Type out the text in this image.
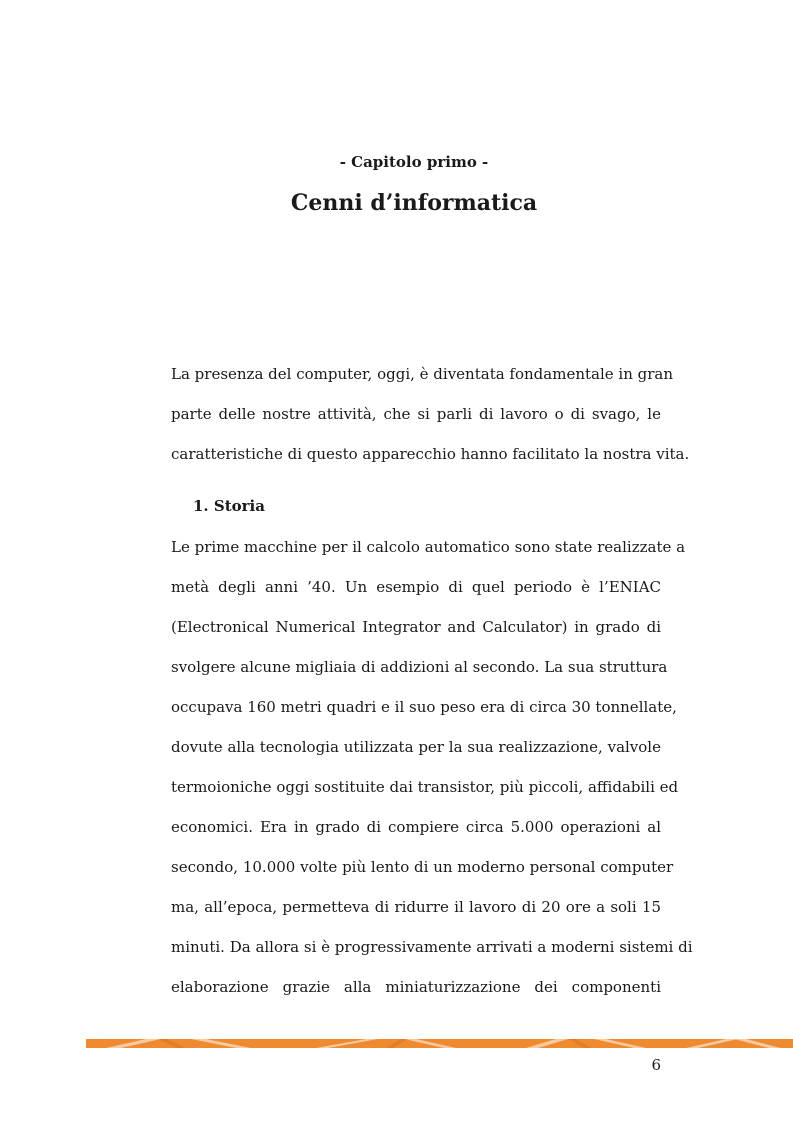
- Capitolo primo -
Cenni d’informatica

La presenza del computer, oggi, è diventata fondamentale in gran
parte delle nostre attività, che si parli di lavoro o di svago, le
caratteristiche di questo apparecchio hanno facilitato la nostra vita.

1. Storia

Le prime macchine per il calcolo automatico sono state realizzate a
metà degli anni ’40. Un esempio di quel periodo è l’ENIAC
(Electronical Numerical Integrator and Calculator) in grado di
svolgere alcune migliaia di addizioni al secondo. La sua struttura
occupava 160 metri quadri e il suo peso era di circa 30 tonnellate,
dovute alla tecnologia utilizzata per la sua realizzazione, valvole
termoioniche oggi sostituite dai transistor, più piccoli, affidabili ed
economici. Era in grado di compiere circa 5.000 operazioni al
secondo, 10.000 volte più lento di un moderno personal computer
ma, all’epoca, permetteva di ridurre il lavoro di 20 ore a soli 15
minuti. Da allora si è progressivamente arrivati a moderni sistemi di
elaborazione grazie alla miniaturizzazione dei componenti

6
